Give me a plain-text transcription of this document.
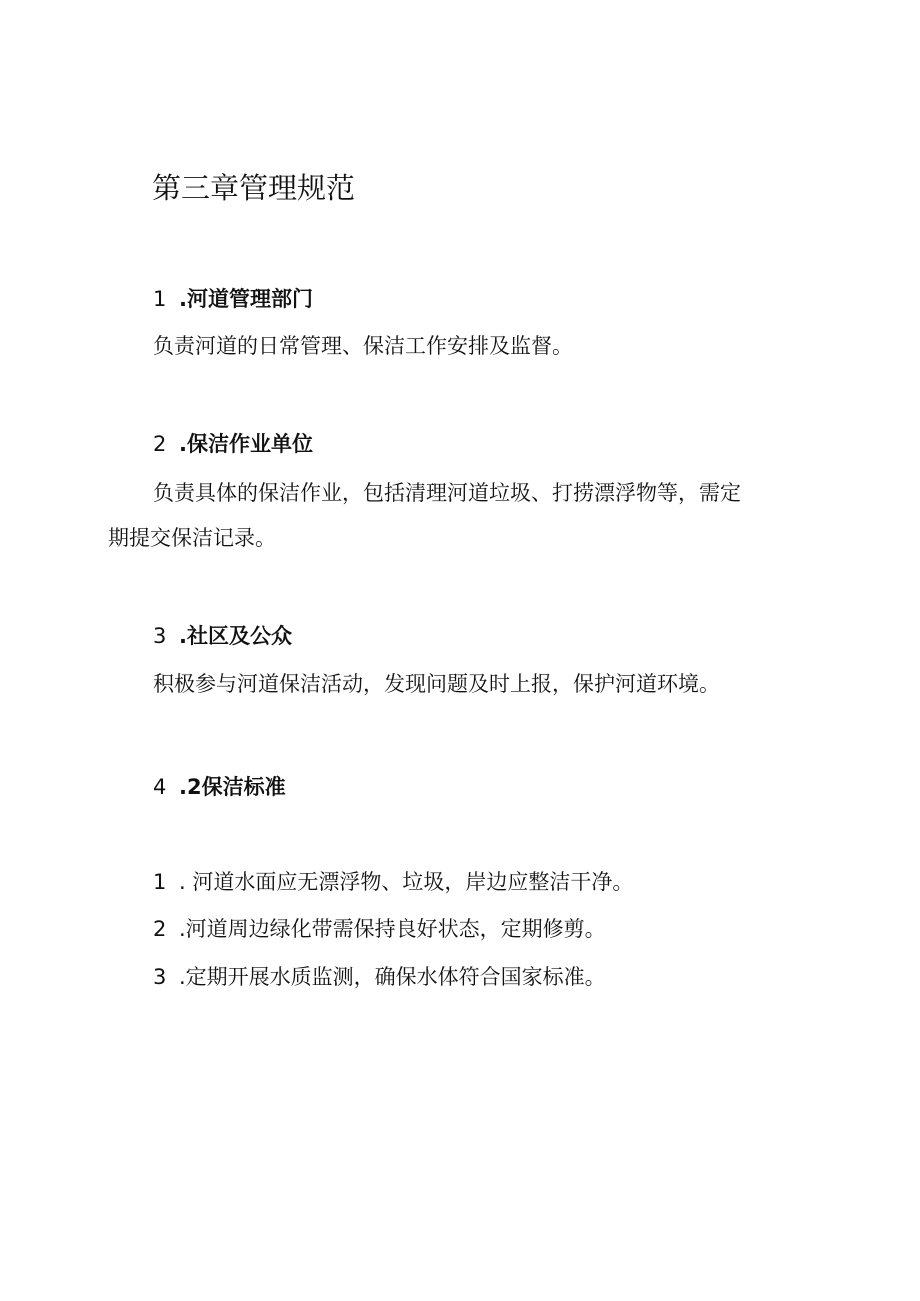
第三章管理规范
1 .河道管理部门

负责河道的日常管理、保洁工作安排及监督。

2 .保洁作业单位

负责具体的保洁作业，包括清理河道垃圾、打捞漂浮物等，需定

期提交保洁记录。

3 .社区及公众

积极参与河道保洁活动，发现问题及时上报，保护河道环境。

4 .2保洁标准
1 . 河道水面应无漂浮物、垃圾，岸边应整洁干净。
2 .河道周边绿化带需保持良好状态，定期修剪。
3 .定期开展水质监测，确保水体符合国家标准。
